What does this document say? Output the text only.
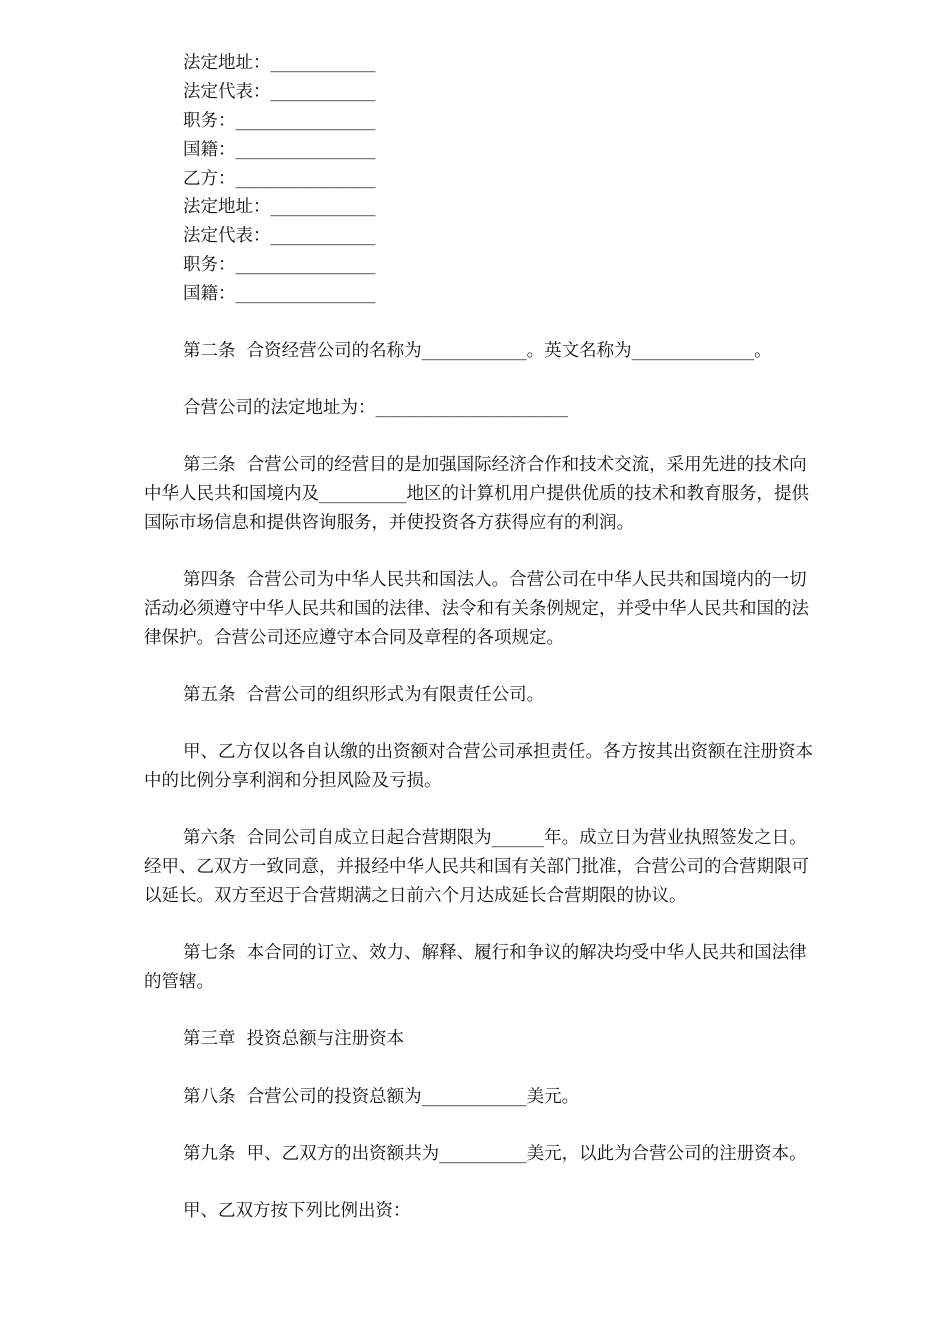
法定地址：____________
法定代表：____________
职务：________________
国籍：________________
乙方：________________
法定地址：____________
法定代表：____________
职务：________________
国籍：________________
第二条  合资经营公司的名称为____________。英文名称为______________。
合营公司的法定地址为：______________________
第三条  合营公司的经营目的是加强国际经济合作和技术交流，采用先进的技术向
中华人民共和国境内及__________地区的计算机用户提供优质的技术和教育服务，提供
国际市场信息和提供咨询服务，并使投资各方获得应有的利润。
第四条  合营公司为中华人民共和国法人。合营公司在中华人民共和国境内的一切
活动必须遵守中华人民共和国的法律、法令和有关条例规定，并受中华人民共和国的法
律保护。合营公司还应遵守本合同及章程的各项规定。
第五条  合营公司的组织形式为有限责任公司。
甲、乙方仅以各自认缴的出资额对合营公司承担责任。各方按其出资额在注册资本
中的比例分享利润和分担风险及亏损。
第六条  合同公司自成立日起合营期限为______年。成立日为营业执照签发之日。
经甲、乙双方一致同意，并报经中华人民共和国有关部门批准，合营公司的合营期限可
以延长。双方至迟于合营期满之日前六个月达成延长合营期限的协议。
第七条  本合同的订立、效力、解释、履行和争议的解决均受中华人民共和国法律
的管辖。
第三章  投资总额与注册资本
第八条  合营公司的投资总额为____________美元。
第九条  甲、乙双方的出资额共为__________美元，以此为合营公司的注册资本。
甲、乙双方按下列比例出资：
